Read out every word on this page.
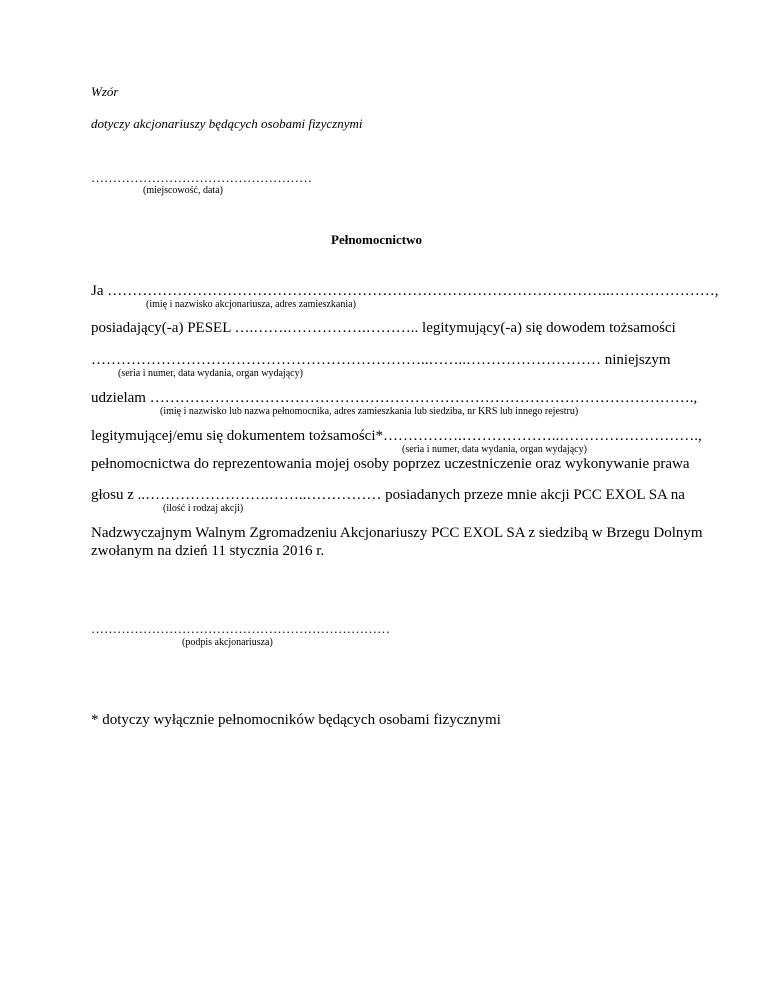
Wzór
dotyczy akcjonariuszy będących osobami fizycznymi
……………………………………………
(miejscowość, data)
Pełnomocnictwo
Ja ………………………………………………………………………………………..…………………,
(imię i nazwisko akcjonariusza, adres zamieszkania)
posiadający(-a) PESEL ….…….…………….……….. legitymujący(-a) się dowodem tożsamości
…………………………………………………………..……..……………………… niniejszym
(seria i numer, data wydania, organ wydający)
udzielam ……………………………………………………………………………………………….,
(imię i nazwisko lub nazwa pełnomocnika, adres zamieszkania lub siedziba, nr KRS lub innego rejestru)
legitymującej/emu się dokumentem tożsamości*…………….………………..……………………….,
(seria i numer, data wydania, organ wydający)
pełnomocnictwa do reprezentowania mojej osoby poprzez uczestniczenie oraz wykonywanie prawa
głosu z ..…………………….……..…………… posiadanych przeze mnie akcji PCC EXOL SA na
(ilość i rodzaj akcji)
Nadzwyczajnym Walnym Zgromadzeniu Akcjonariuszy PCC EXOL SA z siedzibą w Brzegu Dolnym
zwołanym na dzień 11 stycznia 2016 r.
……………………………………………………………
(podpis akcjonariusza)
* dotyczy wyłącznie pełnomocników będących osobami fizycznymi
